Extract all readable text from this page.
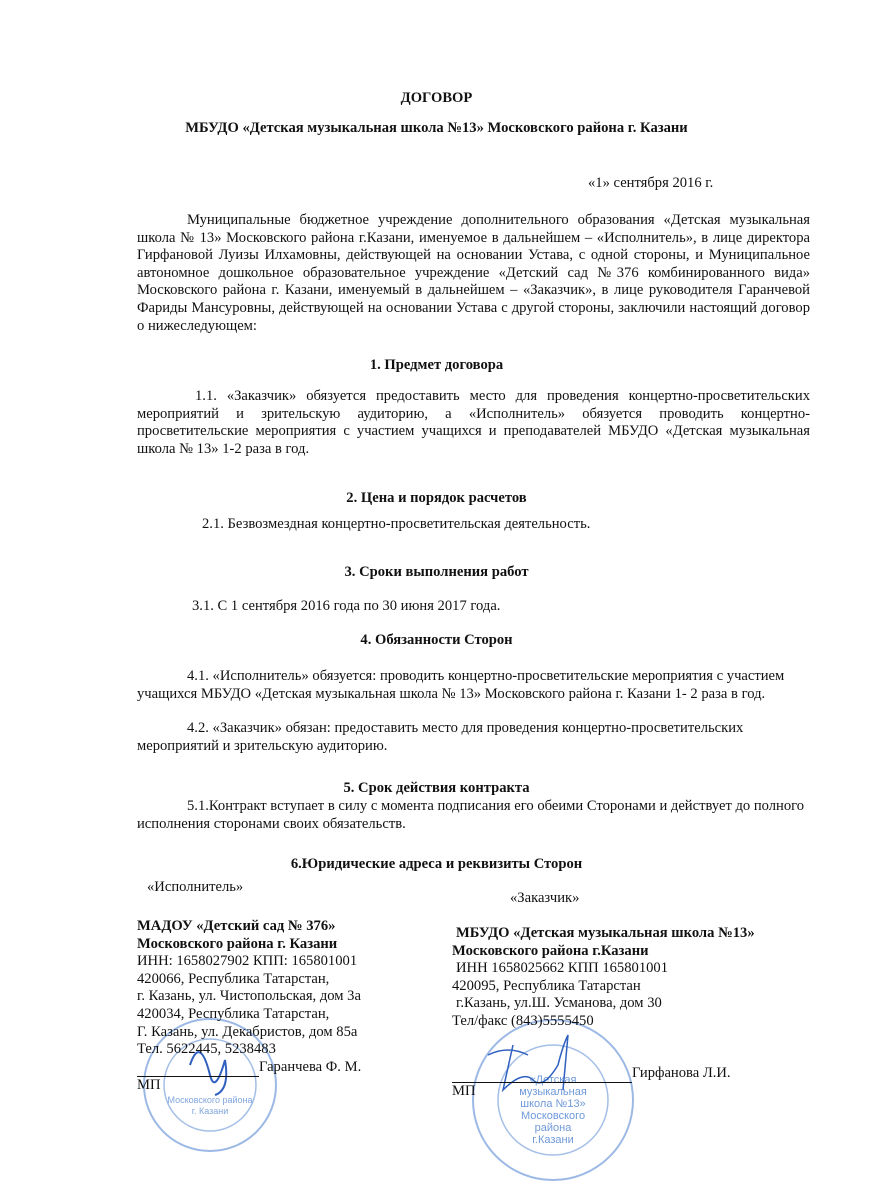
ДОГОВОР
МБУДО «Детская музыкальная школа №13» Московского района г. Казани
«1» сентября 2016 г.
Муниципальные бюджетное учреждение дополнительного образования «Детская музыкальная школа № 13» Московского района г.Казани, именуемое в дальнейшем – «Исполнитель», в лице директора Гирфановой Луизы Илхамовны, действующей на основании Устава, с одной стороны, и Муниципальное автономное дошкольное образовательное учреждение «Детский сад №376 комбинированного вида» Московского района г. Казани, именуемый в дальнейшем – «Заказчик», в лице руководителя Гаранчевой Фариды Мансуровны, действующей на основании Устава с другой стороны, заключили настоящий договор о нижеследующем:
1. Предмет договора
1.1. «Заказчик» обязуется предоставить место для проведения концертно-просветительских мероприятий и зрительскую аудиторию, а «Исполнитель» обязуется проводить концертно-просветительские мероприятия с участием учащихся и преподавателей МБУДО «Детская музыкальная школа № 13» 1-2 раза в год.
2. Цена и порядок расчетов
2.1. Безвозмездная концертно-просветительская деятельность.
3. Сроки выполнения работ
3.1. С 1 сентября 2016 года по 30 июня 2017 года.
4. Обязанности Сторон
4.1. «Исполнитель» обязуется: проводить концертно-просветительские мероприятия с участием учащихся МБУДО «Детская музыкальная школа № 13» Московского района г. Казани 1- 2 раза в год.
4.2. «Заказчик» обязан: предоставить место для проведения концертно-просветительских мероприятий и зрительскую аудиторию.
5. Срок действия контракта
5.1.Контракт вступает в силу с момента подписания его обеими Сторонами и действует до полного исполнения сторонами своих обязательств.
6.Юридические адреса и реквизиты Сторон
Московского района
г. Казани
«Детская
музыкальная
школа №13»
Московского
района
г.Казани
«Исполнитель»
МАДОУ «Детский сад № 376»
Московского района г. Казани
ИНН: 1658027902 КПП: 165801001
420066, Республика Татарстан,
г. Казань, ул. Чистопольская, дом 3а
420034, Республика Татарстан,
Г. Казань, ул. Декабристов, дом 85а
Тел. 5622445, 5238483
Гаранчева Ф. М.
МП
«Заказчик»
МБУДО «Детская музыкальная школа №13»
Московского района г.Казани
ИНН 1658025662 КПП 165801001
420095, Республика Татарстан
г.Казань, ул.Ш. Усманова, дом 30
Тел/факс (843)5555450
Гирфанова Л.И.
МП
